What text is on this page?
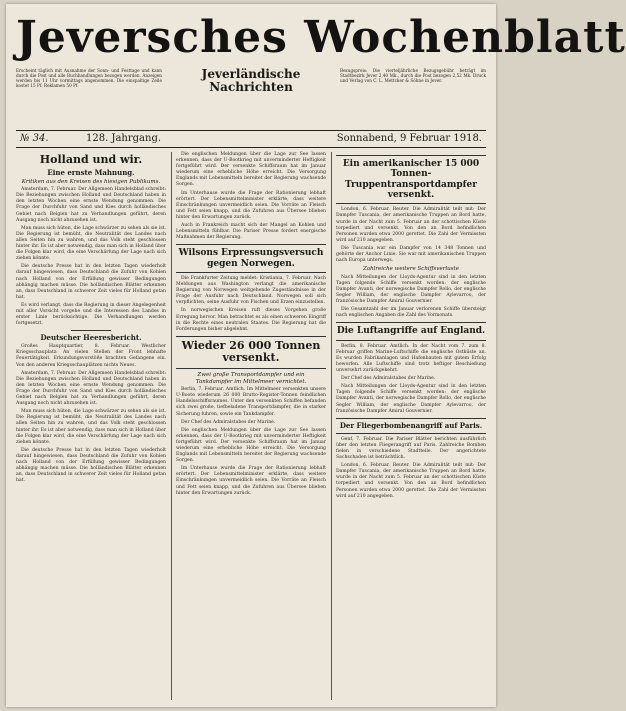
Jeversches Wochenblatt
Erscheint täglich mit Ausnahme der Sonn- und Festtage und kann durch die Post und alle Buchhandlungen bezogen werden. Anzeigen werden bis 11 Uhr vormittags angenommen. Die einspaltige Zeile kostet 15 Pf. Reklamen 50 Pf.
Jeverländische Nachrichten
Bezugspreis: Die vierteljährliche Bezugsgebühr beträgt im Stadtbezirk Jever 2,40 Mk., durch die Post bezogen 2,52 Mk. Druck und Verlag von C. L. Mettcker & Söhne in Jever.
№ 34.	128. Jahrgang.	Sonnabend, 9 Februar 1918.
Holland und wir.
Eine ernste Mahnung.
Kritiken aus den Kreisen des hiesigen Publikums.

Amsterdam, 7. Februar. Der Allgemeen Handelsblad schreibt: Die Beziehungen zwischen Holland und Deutschland haben in den letzten Wochen eine ernste Wendung genommen. Die Frage der Durchfuhr von Sand und Kies durch holländisches Gebiet nach Belgien hat zu Verhandlungen geführt, deren Ausgang noch nicht abzusehen ist.

Man muss sich hüten, die Lage schwärzer zu sehen als sie ist. Die Regierung ist bemüht, die Neutralität des Landes nach allen Seiten hin zu wahren, und das Volk steht geschlossen hinter ihr. Es ist aber notwendig, dass man sich in Holland über die Folgen klar wird, die eine Verschärfung der Lage nach sich ziehen könnte.

Die deutsche Presse hat in den letzten Tagen wiederholt darauf hingewiesen, dass Deutschland die Zufuhr von Kohlen nach Holland von der Erfüllung gewisser Bedingungen abhängig machen müsse. Die holländischen Blätter erkennen an, dass Deutschland in schwerer Zeit vieles für Holland getan hat.

Es wird verlangt, dass die Regierung in dieser Angelegenheit mit aller Vorsicht vorgehe und die Interessen des Landes in erster Linie berücksichtige. Die Verhandlungen werden fortgesetzt.

Deutscher Heeresbericht.

Großes Hauptquartier, 8. Februar. Westlicher Kriegsschauplatz: An vielen Stellen der Front lebhafte Feuertätigkeit. Erkundungsvorstöße brachten Gefangene ein. Von den anderen Kriegsschauplätzen nichts Neues.

Amsterdam, 7. Februar. Der Allgemeen Handelsblad schreibt: Die Beziehungen zwischen Holland und Deutschland haben in den letzten Wochen eine ernste Wendung genommen. Die Frage der Durchfuhr von Sand und Kies durch holländisches Gebiet nach Belgien hat zu Verhandlungen geführt, deren Ausgang noch nicht abzusehen ist.

Man muss sich hüten, die Lage schwärzer zu sehen als sie ist. Die Regierung ist bemüht, die Neutralität des Landes nach allen Seiten hin zu wahren, und das Volk steht geschlossen hinter ihr. Es ist aber notwendig, dass man sich in Holland über die Folgen klar wird, die eine Verschärfung der Lage nach sich ziehen könnte.

Die deutsche Presse hat in den letzten Tagen wiederholt darauf hingewiesen, dass Deutschland die Zufuhr von Kohlen nach Holland von der Erfüllung gewisser Bedingungen abhängig machen müsse. Die holländischen Blätter erkennen an, dass Deutschland in schwerer Zeit vieles für Holland getan hat.

Die englischen Meldungen über die Lage zur See lassen erkennen, dass der U-Bootkrieg mit unverminderter Heftigkeit fortgeführt wird. Der versenkte Schiffsraum hat im Januar wiederum eine erhebliche Höhe erreicht. Die Versorgung Englands mit Lebensmitteln bereitet der Regierung wachsende Sorgen.

Im Unterhause wurde die Frage der Rationierung lebhaft erörtert. Der Lebensmittelminister erklärte, dass weitere Einschränkungen unvermeidlich seien. Die Vorräte an Fleisch und Fett seien knapp, und die Zufuhren aus Übersee blieben hinter den Erwartungen zurück.

Auch in Frankreich macht sich der Mangel an Kohlen und Lebensmitteln fühlbar. Die Pariser Presse fordert energische Maßnahmen der Regierung.

Wilsons Erpressungsversuch gegen Norwegen.

Die Frankfurter Zeitung meldet: Kristiania, 7. Februar. Nach Meldungen aus Washington verlangt die amerikanische Regierung von Norwegen weitgehende Zugeständnisse in der Frage der Ausfuhr nach Deutschland. Norwegen soll sich verpflichten, seine Ausfuhr von Fischen und Erzen einzustellen.

In norwegischen Kreisen ruft dieses Vorgehen große Erregung hervor. Man betrachtet es als einen schweren Eingriff in die Rechte eines neutralen Staates. Die Regierung hat die Forderungen bisher abgelehnt.

Wieder 26 000 Tonnen versenkt.
Zwei große Transportdampfer und ein Tankdampfer im Mittelmeer vernichtet.

Berlin, 7. Februar. Amtlich. Im Mittelmeer versenkten unsere U-Boote wiederum 26 000 Brutto-Register-Tonnen feindlichen Handelsschiffsraumes. Unter den versenkten Schiffen befanden sich zwei große, tiefbeladene Transportdampfer, die in starker Sicherung fuhren, sowie ein Tankdampfer.

Der Chef des Admiralstabes der Marine.

Die englischen Meldungen über die Lage zur See lassen erkennen, dass der U-Bootkrieg mit unverminderter Heftigkeit fortgeführt wird. Der versenkte Schiffsraum hat im Januar wiederum eine erhebliche Höhe erreicht. Die Versorgung Englands mit Lebensmitteln bereitet der Regierung wachsende Sorgen.

Im Unterhause wurde die Frage der Rationierung lebhaft erörtert. Der Lebensmittelminister erklärte, dass weitere Einschränkungen unvermeidlich seien. Die Vorräte an Fleisch und Fett seien knapp, und die Zufuhren aus Übersee blieben hinter den Erwartungen zurück.

Ein amerikanischer 15 000 Tonnen-Truppentransportdampfer versenkt.

London, 6. Februar. Reuter. Die Admiralität teilt mit: Der Dampfer Tuscania, der amerikanische Truppen an Bord hatte, wurde in der Nacht zum 5. Februar an der schottischen Küste torpediert und versenkt. Von den an Bord befindlichen Personen wurden etwa 2000 gerettet. Die Zahl der Vermissten wird auf 210 angegeben.

Die Tuscania war ein Dampfer von 14 348 Tonnen und gehörte der Anchor Linie. Sie war mit amerikanischen Truppen nach Europa unterwegs.

Zahlreiche weitere Schiffsverluste

Nach Mitteilungen der Lloyds-Agentur sind in den letzten Tagen folgende Schiffe versenkt worden: der englische Dampfer Avanti, der norwegische Dampfer Rollo, der englische Segler William, der englische Dampfer Aylevarroo, der französische Dampfer Amiral Gouvernier.

Die Gesamtzahl der im Januar verlorenen Schiffe übersteigt nach englischen Angaben die Zahl des Vormonats.

Die Luftangriffe auf England.

Berlin, 8. Februar. Amtlich. In der Nacht vom 7. zum 8. Februar griffen Marine-Luftschiffe die englische Ostküste an. Es wurden Fabrikanlagen und Hafenbauten mit gutem Erfolg beworfen. Alle Luftschiffe sind trotz heftiger Beschießung unversehrt zurückgekehrt.

Der Chef des Admiralstabes der Marine.

Nach Mitteilungen der Lloyds-Agentur sind in den letzten Tagen folgende Schiffe versenkt worden: der englische Dampfer Avanti, der norwegische Dampfer Rollo, der englische Segler William, der englische Dampfer Aylevarroo, der französische Dampfer Amiral Gouvernier.

Der Fliegerbombenangriff auf Paris.

Genf, 7. Februar. Die Pariser Blätter berichten ausführlich über den letzten Fliegerangriff auf Paris. Zahlreiche Bomben fielen in verschiedene Stadtteile. Der angerichtete Sachschaden ist beträchtlich.

London, 6. Februar. Reuter. Die Admiralität teilt mit: Der Dampfer Tuscania, der amerikanische Truppen an Bord hatte, wurde in der Nacht zum 5. Februar an der schottischen Küste torpediert und versenkt. Von den an Bord befindlichen Personen wurden etwa 2000 gerettet. Die Zahl der Vermissten wird auf 210 angegeben.
